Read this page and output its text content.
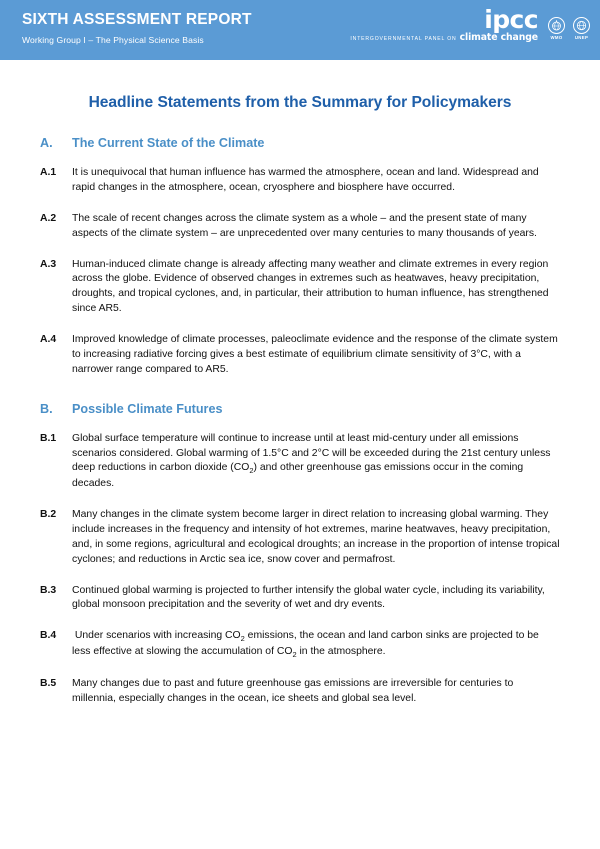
SIXTH ASSESSMENT REPORT
Working Group I – The Physical Science Basis
ipcc
INTERGOVERNMENTAL PANEL ON climate change	WMO	UNEP
Headline Statements from the Summary for Policymakers
A.	The Current State of the Climate
A.1	It is unequivocal that human influence has warmed the atmosphere, ocean and land. Widespread and rapid changes in the atmosphere, ocean, cryosphere and biosphere have occurred.
A.2	The scale of recent changes across the climate system as a whole – and the present state of many aspects of the climate system – are unprecedented over many centuries to many thousands of years.
A.3	Human-induced climate change is already affecting many weather and climate extremes in every region across the globe. Evidence of observed changes in extremes such as heatwaves, heavy precipitation, droughts, and tropical cyclones, and, in particular, their attribution to human influence, has strengthened since AR5.
A.4	Improved knowledge of climate processes, paleoclimate evidence and the response of the climate system to increasing radiative forcing gives a best estimate of equilibrium climate sensitivity of 3°C, with a narrower range compared to AR5.
B.	Possible Climate Futures
B.1	Global surface temperature will continue to increase until at least mid-century under all emissions scenarios considered. Global warming of 1.5°C and 2°C will be exceeded during the 21st century unless deep reductions in carbon dioxide $(CO_2)$ and other greenhouse gas emissions occur in the coming decades.
B.2	Many changes in the climate system become larger in direct relation to increasing global warming. They include increases in the frequency and intensity of hot extremes, marine heatwaves, heavy precipitation, and, in some regions, agricultural and ecological droughts; an increase in the proportion of intense tropical cyclones; and reductions in Arctic sea ice, snow cover and permafrost.
B.3	Continued global warming is projected to further intensify the global water cycle, including its variability, global monsoon precipitation and the severity of wet and dry events.
B.4	Under scenarios with increasing $CO_2$ emissions, the ocean and land carbon sinks are projected to be less effective at slowing the accumulation of $CO_2$ in the atmosphere.
B.5	Many changes due to past and future greenhouse gas emissions are irreversible for centuries to millennia, especially changes in the ocean, ice sheets and global sea level.
